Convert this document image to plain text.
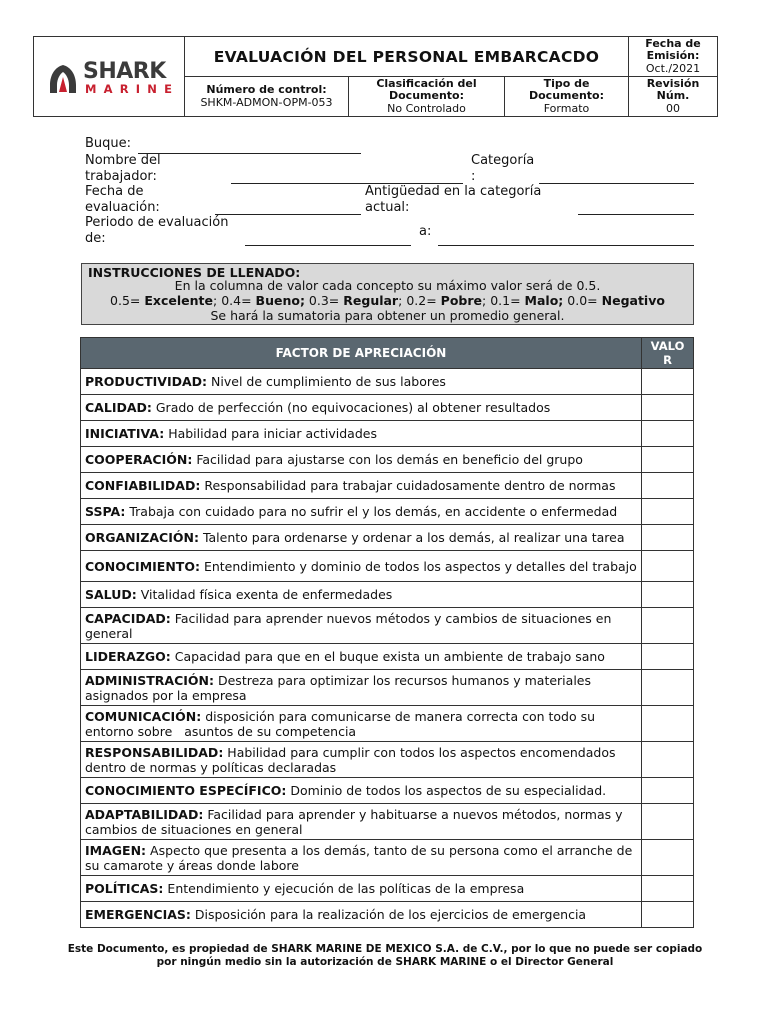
SHARK
MARINE
EVALUACIÓN DEL PERSONAL EMBARCACDO
Número de control:
SHKM-ADMON-OPM-053
Clasificación del Documento:
No Controlado
Tipo de Documento:
Formato
Fecha de Emisión:
Oct./2021
Revisión Núm.
00
Buque:
Nombre del trabajador:
Categoría
:
Fecha de evaluación:
Antigüedad en la categoría actual:
Periodo de evaluación de:	a:
INSTRUCCIONES DE LLENADO:
En la columna de valor cada concepto su máximo valor será de 0.5.
0.5= Excelente; 0.4= Bueno; 0.3= Regular; 0.2= Pobre; 0.1= Malo; 0.0= Negativo
Se hará la sumatoria para obtener un promedio general.
FACTOR DE APRECIACIÓN	VALOR
PRODUCTIVIDAD: Nivel de cumplimiento de sus labores	
CALIDAD: Grado de perfección (no equivocaciones) al obtener resultados	
INICIATIVA: Habilidad para iniciar actividades	
COOPERACIÓN: Facilidad para ajustarse con los demás en beneficio del grupo	
CONFIABILIDAD: Responsabilidad para trabajar cuidadosamente dentro de normas	
SSPA: Trabaja con cuidado para no sufrir el y los demás, en accidente o enfermedad	
ORGANIZACIÓN: Talento para ordenarse y ordenar a los demás, al realizar una tarea	
CONOCIMIENTO: Entendimiento y dominio de todos los aspectos y detalles del trabajo	
SALUD: Vitalidad física exenta de enfermedades	
CAPACIDAD: Facilidad para aprender nuevos métodos y cambios de situaciones en general	
LIDERAZGO: Capacidad para que en el buque exista un ambiente de trabajo sano	
ADMINISTRACIÓN: Destreza para optimizar los recursos humanos y materiales asignados por la empresa	
COMUNICACIÓN: disposición para comunicarse de manera correcta con todo su entorno sobre   asuntos de su competencia	
RESPONSABILIDAD: Habilidad para cumplir con todos los aspectos encomendados dentro de normas y políticas declaradas	
CONOCIMIENTO ESPECÍFICO: Dominio de todos los aspectos de su especialidad.	
ADAPTABILIDAD: Facilidad para aprender y habituarse a nuevos métodos, normas y cambios de situaciones en general	
IMAGEN: Aspecto que presenta a los demás, tanto de su persona como el arranche de su camarote y áreas donde labore	
POLÍTICAS: Entendimiento y ejecución de las políticas de la empresa	
EMERGENCIAS: Disposición para la realización de los ejercicios de emergencia	
Este Documento, es propiedad de SHARK MARINE DE MEXICO S.A. de C.V., por lo que no puede ser copiado
por ningún medio sin la autorización de SHARK MARINE o el Director General
